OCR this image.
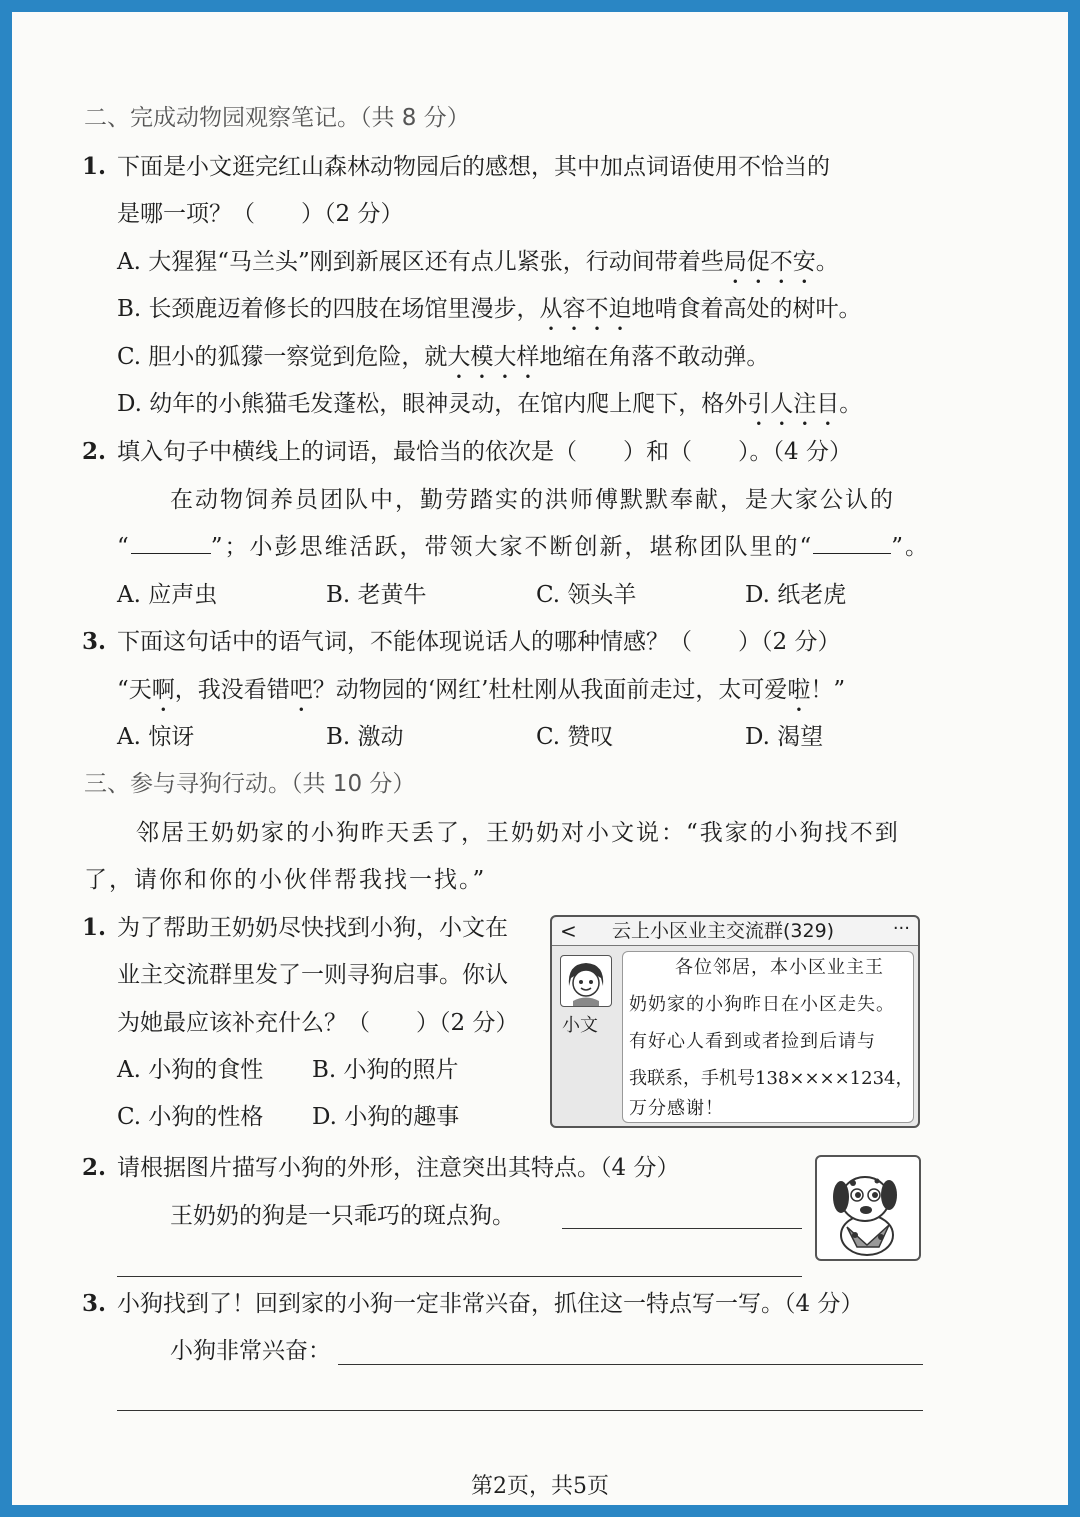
二、完成动物园观察笔记。（共 8 分）
1. 下面是小文逛完红山森林动物园后的感想，其中加点词语使用不恰当的
是哪一项？（　　）（2 分）
A. 大猩猩“马兰头”刚到新展区还有点儿紧张，行动间带着些局促不安。
B. 长颈鹿迈着修长的四肢在场馆里漫步，从容不迫地啃食着高处的树叶。
C. 胆小的狐獴一察觉到危险，就大模大样地缩在角落不敢动弹。
D. 幼年的小熊猫毛发蓬松，眼神灵动，在馆内爬上爬下，格外引人注目。
2. 填入句子中横线上的词语，最恰当的依次是（　　）和（　　）。（4 分）
在动物饲养员团队中，勤劳踏实的洪师傅默默奉献，是大家公认的
“	”；小彭思维活跃，带领大家不断创新，堪称团队里的“	”。
A. 应声虫	B. 老黄牛	C. 领头羊	D. 纸老虎
3. 下面这句话中的语气词，不能体现说话人的哪种情感？（　　）（2 分）
“天啊，我没看错吧？动物园的‘网红’杜杜刚从我面前走过，太可爱啦！”
A. 惊讶	B. 激动	C. 赞叹	D. 渴望
三、参与寻狗行动。（共 10 分）
邻居王奶奶家的小狗昨天丢了，王奶奶对小文说：“我家的小狗找不到
了，请你和你的小伙伴帮我找一找。”
1. 为了帮助王奶奶尽快找到小狗，小文在
业主交流群里发了一则寻狗启事。你认
为她最应该补充什么？（　　）（2 分）
A. 小狗的食性 B. 小狗的照片
C. 小狗的性格 D. 小狗的趣事
< 云上小区业主交流群(329)	···
小文
各位邻居，本小区业主王
奶奶家的小狗昨日在小区走失。
有好心人看到或者捡到后请与
我联系，手机号138××××1234，
万分感谢！
2. 请根据图片描写小狗的外形，注意突出其特点。（4 分）
王奶奶的狗是一只乖巧的斑点狗。
3. 小狗找到了！回到家的小狗一定非常兴奋，抓住这一特点写一写。（4 分）
小狗非常兴奋：
第2页，共5页
